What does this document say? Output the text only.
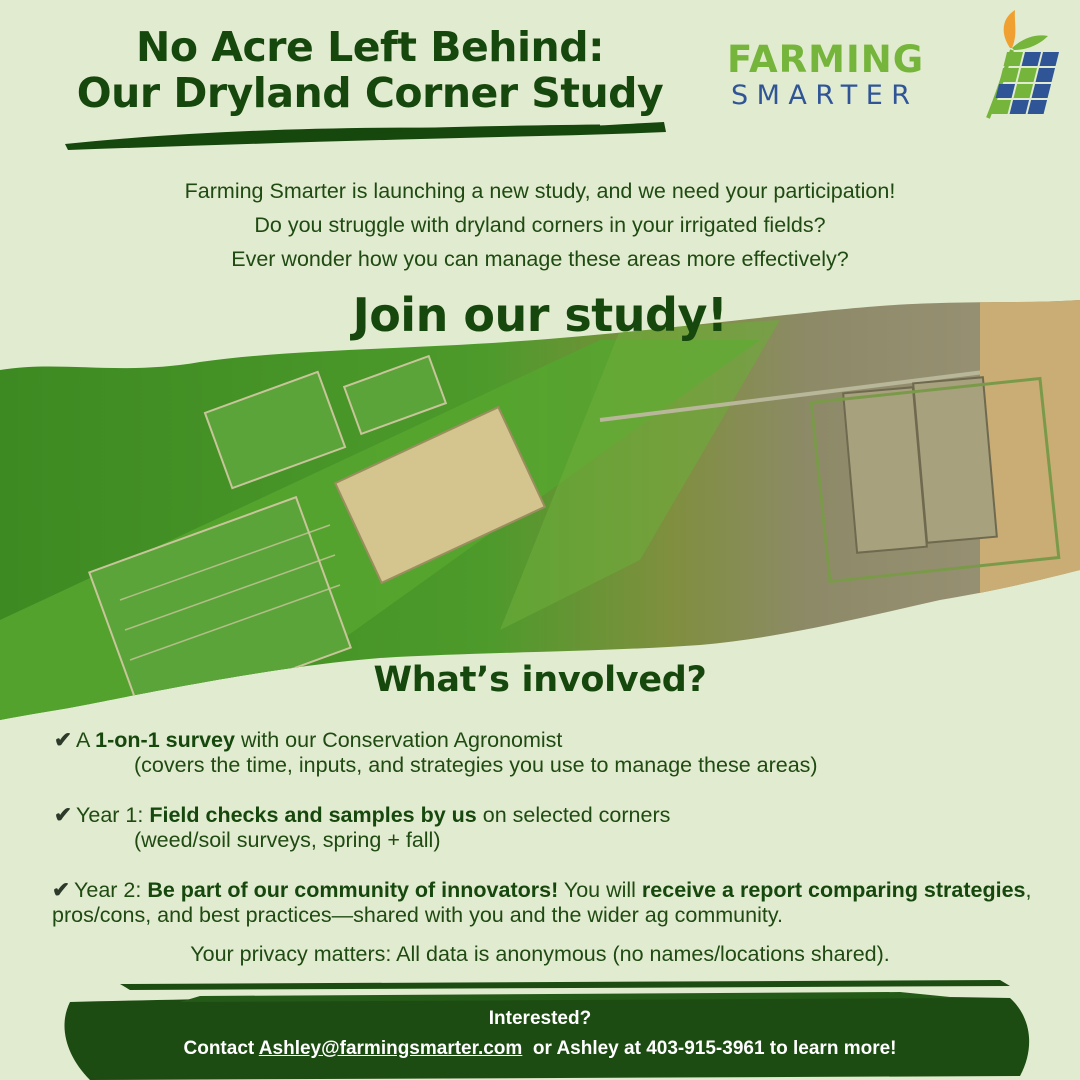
No Acre Left Behind:
Our Dryland Corner Study
FARMING
SMARTER
Farming Smarter is launching a new study, and we need your participation!
Do you struggle with dryland corners in your irrigated fields?
Ever wonder how you can manage these areas more effectively?
Join our study!
What’s involved?
✔ A 1-on-1 survey with our Conservation Agronomist
(covers the time, inputs, and strategies you use to manage these areas)
✔ Year 1: Field checks and samples by us on selected corners
(weed/soil surveys, spring + fall)
✔ Year 2: Be part of our community of innovators! You will receive a report comparing strategies, pros/cons, and best practices—shared with you and the wider ag community.
Your privacy matters: All data is anonymous (no names/locations shared).
Interested?
Contact Ashley@farmingsmarter.com  or Ashley at 403-915-3961 to learn more!
